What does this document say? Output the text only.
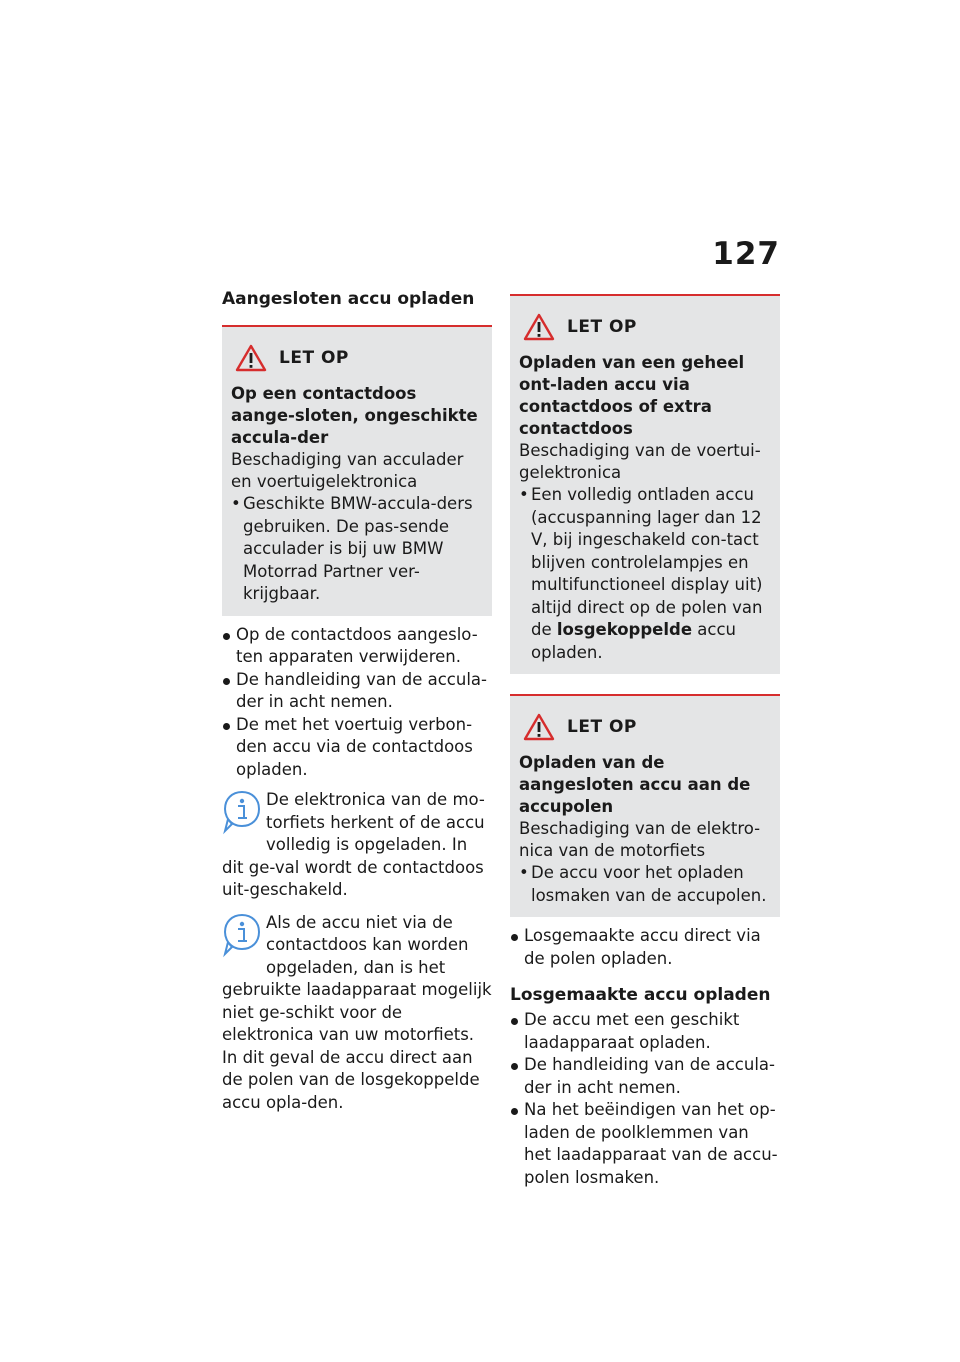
127

Aangesloten accu opladen

LET OP
Op een contactdoos aange-sloten, ongeschikte accula-der
Beschadiging van acculader en voertuigelektronica
• Geschikte BMW-accula-ders gebruiken. De pas-sende acculader is bij uw BMW Motorrad Partner ver-krijgbaar.
Op de contactdoos aangeslo-ten apparaten verwijderen.
De handleiding van de accula-der in acht nemen.
De met het voertuig verbon-den accu via de contactdoos opladen.
De elektronica van de mo-torfiets herkent of de accu volledig is opgeladen. In dit ge-val wordt de contactdoos uit-geschakeld.
Als de accu niet via de contactdoos kan worden opgeladen, dan is het gebruikte laadapparaat mogelijk niet ge-schikt voor de elektronica van uw motorfiets. In dit geval de accu direct aan de polen van de losgekoppelde accu opla-den.
LET OP
Opladen van een geheel ont-laden accu via contactdoos of extra contactdoos
Beschadiging van de voertui-gelektronica
• Een volledig ontladen accu (accuspanning lager dan 12 V, bij ingeschakeld con-tact blijven controlelampjes en multifunctioneel display uit) altijd direct op de polen van de losgekoppelde accu opladen.
LET OP
Opladen van de aangesloten accu aan de accupolen
Beschadiging van de elektro-nica van de motorfiets
• De accu voor het opladen losmaken van de accupolen.
Losgemaakte accu direct via de polen opladen.

Losgemaakte accu opladen

De accu met een geschikt laadapparaat opladen.
De handleiding van de accula-der in acht nemen.
Na het beëindigen van het op-laden de poolklemmen van het laadapparaat van de accu-polen losmaken.
